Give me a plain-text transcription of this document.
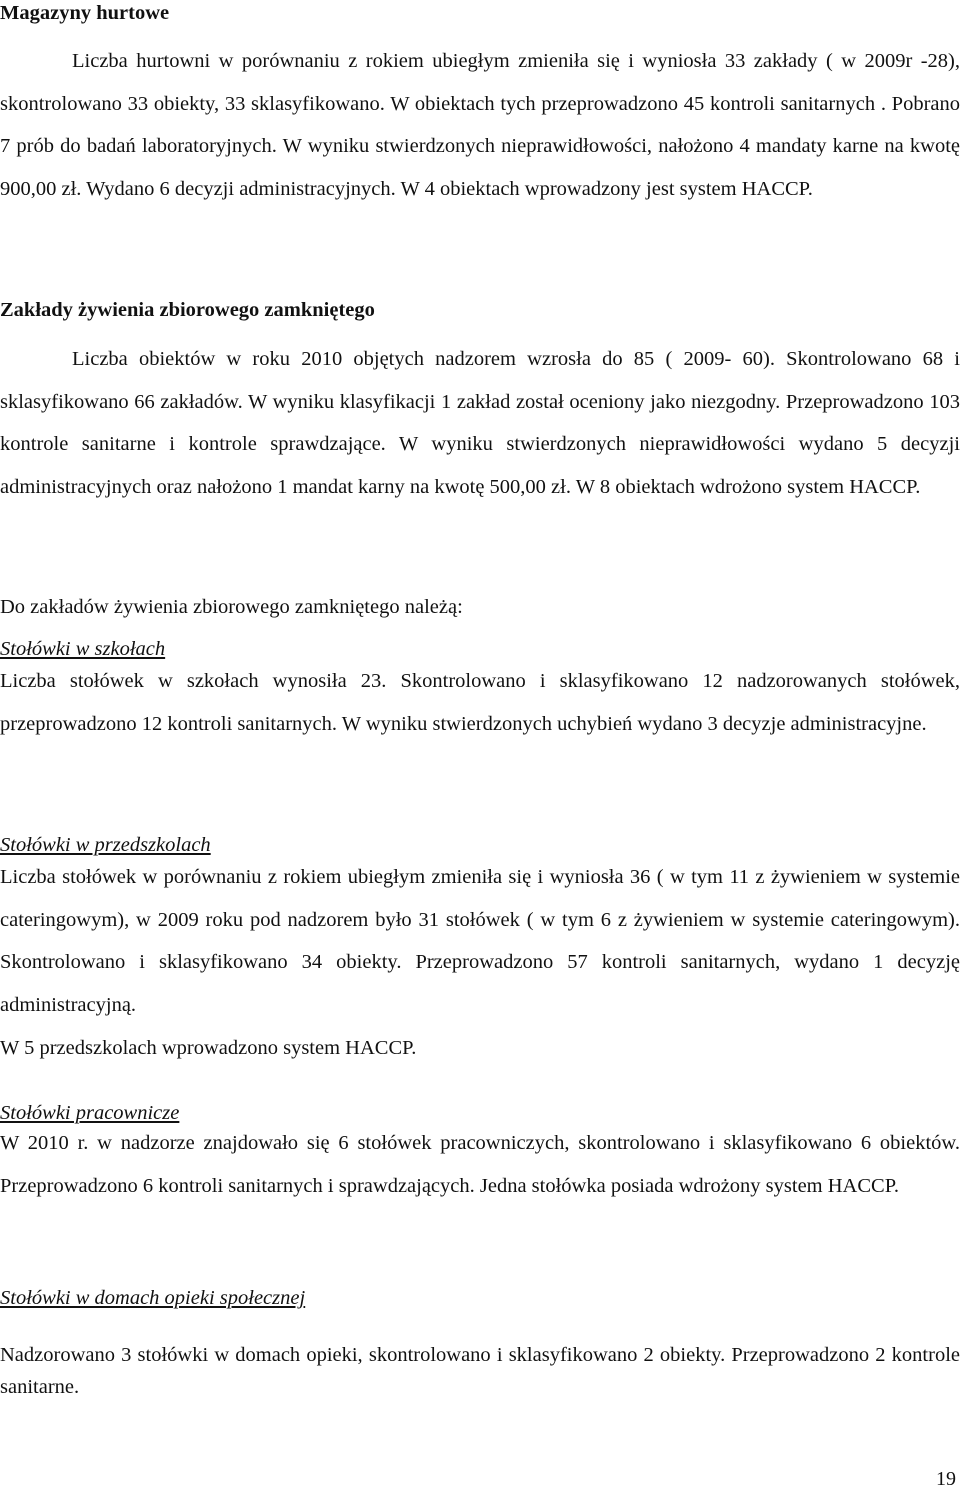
Magazyny hurtowe

Liczba hurtowni w porównaniu z rokiem ubiegłym zmieniła się i wyniosła 33 zakłady ( w 2009r -28), skontrolowano 33 obiekty, 33 sklasyfikowano. W obiektach tych przeprowadzono 45 kontroli sanitarnych . Pobrano 7 prób do badań laboratoryjnych. W wyniku stwierdzonych nieprawidłowości, nałożono 4 mandaty karne na kwotę 900,00 zł. Wydano 6 decyzji administracyjnych. W 4 obiektach wprowadzony jest system HACCP.

Zakłady żywienia zbiorowego zamkniętego

Liczba obiektów w roku 2010 objętych nadzorem wzrosła do 85 ( 2009- 60). Skontrolowano 68 i sklasyfikowano 66 zakładów. W wyniku klasyfikacji 1 zakład został oceniony jako niezgodny. Przeprowadzono 103 kontrole sanitarne i kontrole sprawdzające. W wyniku stwierdzonych nieprawidłowości wydano 5 decyzji administracyjnych oraz nałożono 1 mandat karny na kwotę 500,00 zł. W 8 obiektach wdrożono system HACCP.

Do zakładów żywienia zbiorowego zamkniętego należą:

Stołówki w szkołach

Liczba stołówek w szkołach wynosiła 23. Skontrolowano i sklasyfikowano 12 nadzorowanych stołówek, przeprowadzono 12 kontroli sanitarnych. W wyniku stwierdzonych uchybień wydano 3 decyzje administracyjne.

Stołówki w przedszkolach

Liczba stołówek w porównaniu z rokiem ubiegłym zmieniła się i wyniosła 36 ( w tym 11 z żywieniem w systemie cateringowym), w 2009 roku pod nadzorem było 31 stołówek ( w tym 6 z żywieniem w systemie cateringowym). Skontrolowano i sklasyfikowano 34 obiekty. Przeprowadzono 57 kontroli sanitarnych, wydano 1 decyzję administracyjną.

W 5 przedszkolach wprowadzono system HACCP.

Stołówki pracownicze

W 2010 r. w nadzorze znajdowało się 6 stołówek pracowniczych, skontrolowano i sklasyfikowano 6 obiektów. Przeprowadzono 6 kontroli sanitarnych i sprawdzających. Jedna stołówka posiada wdrożony system HACCP.

Stołówki w domach opieki społecznej

Nadzorowano 3 stołówki w domach opieki, skontrolowano i sklasyfikowano 2 obiekty. Przeprowadzono 2 kontrole sanitarne.

19
